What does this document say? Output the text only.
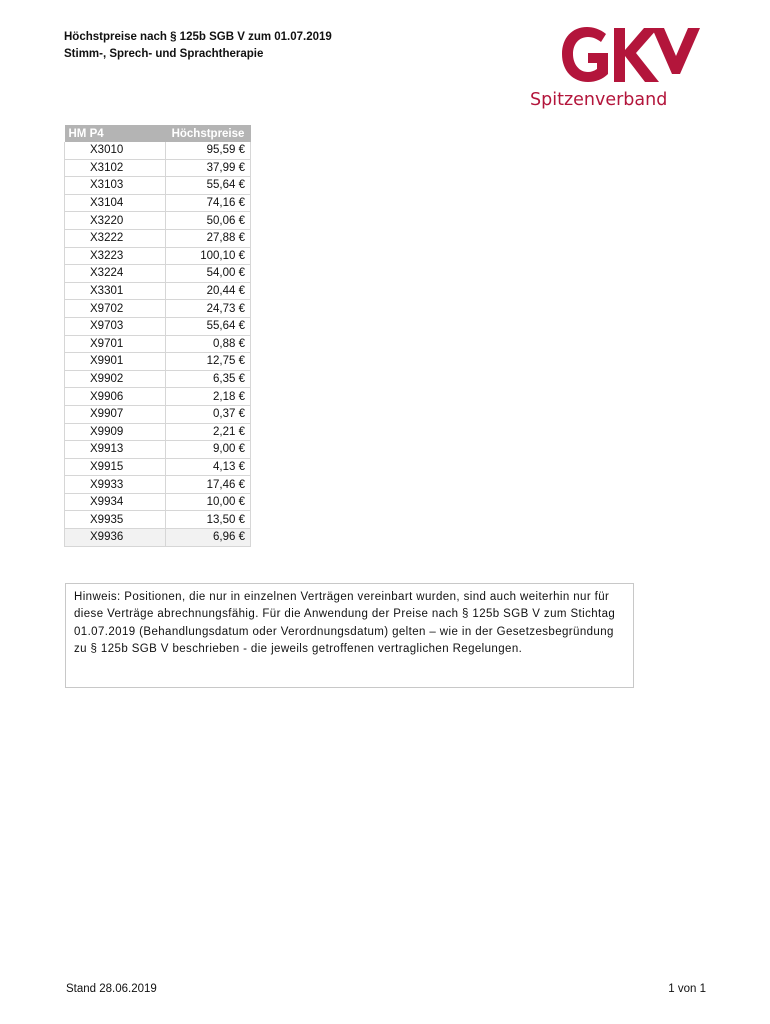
Höchstpreise nach § 125b SGB V zum 01.07.2019
Stimm-, Sprech- und Sprachtherapie
Spitzenverband
HM P4	Höchstpreise
X3010	95,59 €
X3102	37,99 €
X3103	55,64 €
X3104	74,16 €
X3220	50,06 €
X3222	27,88 €
X3223	100,10 €
X3224	54,00 €
X3301	20,44 €
X9702	24,73 €
X9703	55,64 €
X9701	0,88 €
X9901	12,75 €
X9902	6,35 €
X9906	2,18 €
X9907	0,37 €
X9909	2,21 €
X9913	9,00 €
X9915	4,13 €
X9933	17,46 €
X9934	10,00 €
X9935	13,50 €
X9936	6,96 €
Hinweis: Positionen, die nur in einzelnen Verträgen vereinbart wurden, sind auch weiterhin nur für diese Verträge abrechnungsfähig. Für die Anwendung der Preise nach § 125b SGB V zum Stichtag 01.07.2019 (Behandlungsdatum oder Verordnungsdatum) gelten – wie in der Gesetzesbegründung zu § 125b SGB V beschrieben - die jeweils getroffenen vertraglichen Regelungen.
Stand 28.06.2019	1 von 1
